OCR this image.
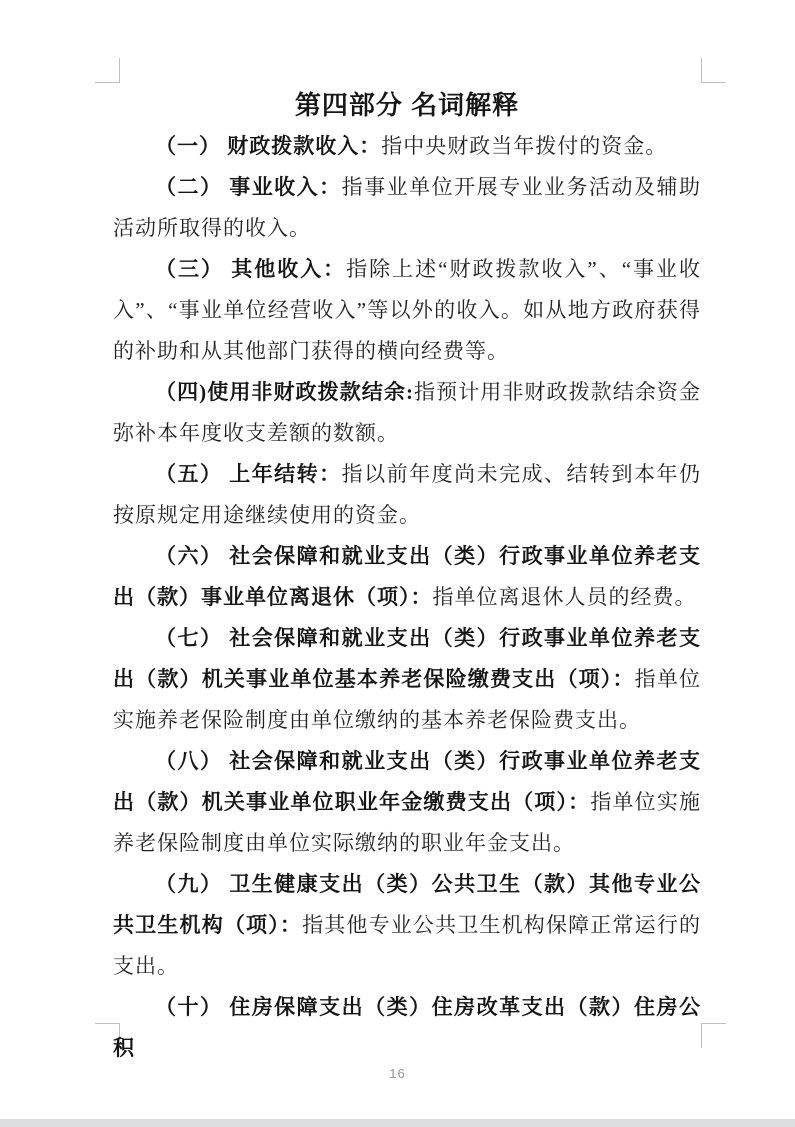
第四部分 名词解释

（一） 财政拨款收入：指中央财政当年拨付的资金。

（二） 事业收入：指事业单位开展专业业务活动及辅助活动所取得的收入。

（三） 其他收入：指除上述“财政拨款收入”、“事业收入”、“事业单位经营收入”等以外的收入。如从地方政府获得的补助和从其他部门获得的横向经费等。

（四)使用非财政拨款结余:指预计用非财政拨款结余资金弥补本年度收支差额的数额。

（五） 上年结转：指以前年度尚未完成、结转到本年仍按原规定用途继续使用的资金。

（六） 社会保障和就业支出（类）行政事业单位养老支出（款）事业单位离退休（项）：指单位离退休人员的经费。

（七） 社会保障和就业支出（类）行政事业单位养老支出（款）机关事业单位基本养老保险缴费支出（项）：指单位实施养老保险制度由单位缴纳的基本养老保险费支出。

（八） 社会保障和就业支出（类）行政事业单位养老支出（款）机关事业单位职业年金缴费支出（项）：指单位实施养老保险制度由单位实际缴纳的职业年金支出。

（九） 卫生健康支出（类）公共卫生（款）其他专业公共卫生机构（项）：指其他专业公共卫生机构保障正常运行的支出。

（十） 住房保障支出（类）住房改革支出（款）住房公积

16
